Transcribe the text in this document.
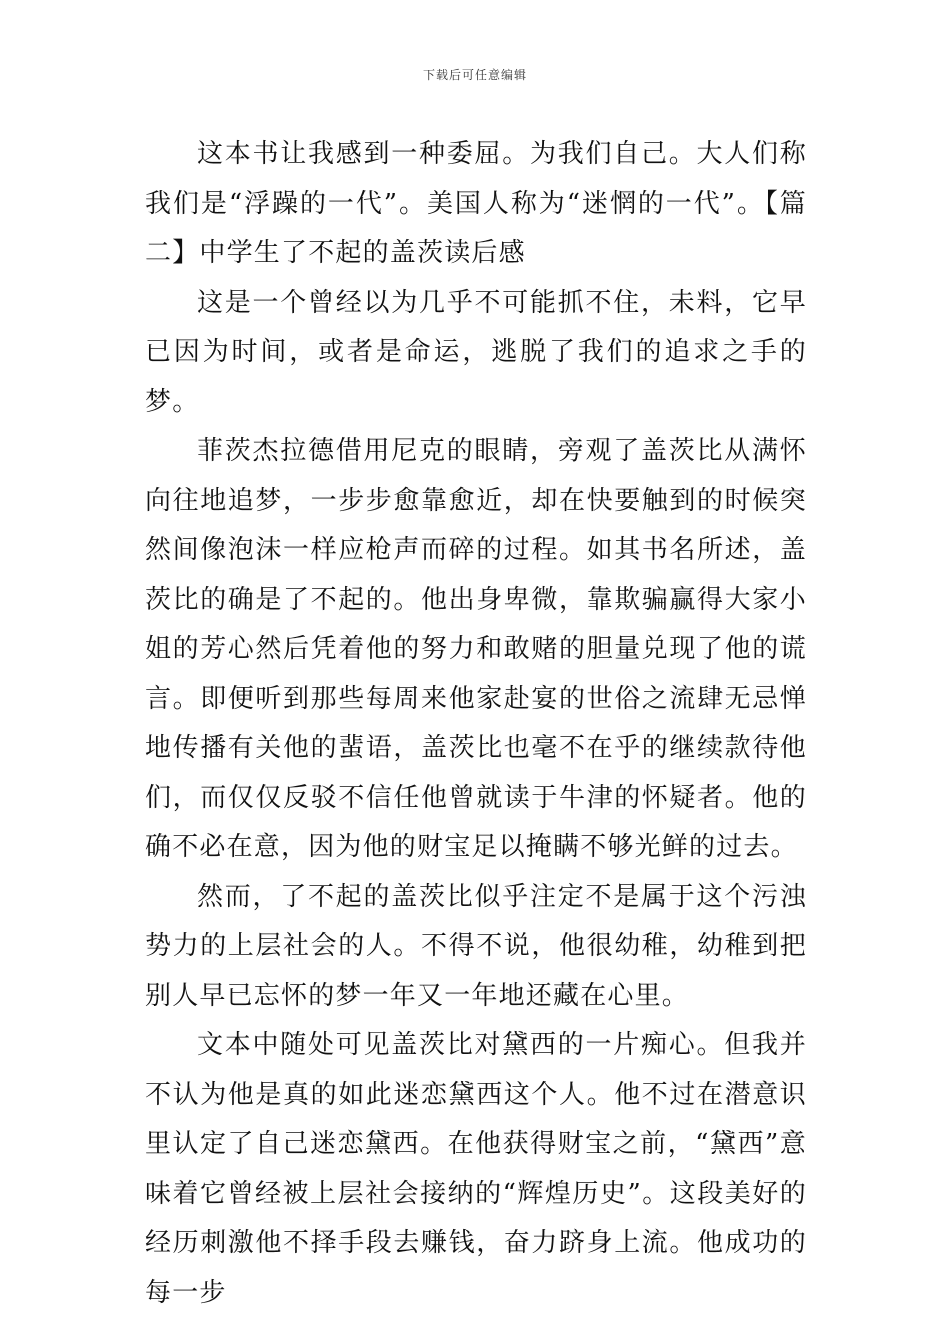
下载后可任意编辑

这本书让我感到一种委屈。为我们自己。大人们称我们是“浮躁的一代”。美国人称为“迷惘的一代”。【篇二】中学生了不起的盖茨读后感

这是一个曾经以为几乎不可能抓不住，未料，它早已因为时间，或者是命运，逃脱了我们的追求之手的梦。

菲茨杰拉德借用尼克的眼睛，旁观了盖茨比从满怀向往地追梦，一步步愈靠愈近，却在快要触到的时候突然间像泡沫一样应枪声而碎的过程。如其书名所述，盖茨比的确是了不起的。他出身卑微，靠欺骗赢得大家小姐的芳心然后凭着他的努力和敢赌的胆量兑现了他的谎言。即便听到那些每周来他家赴宴的世俗之流肆无忌惮地传播有关他的蜚语，盖茨比也毫不在乎的继续款待他们，而仅仅反驳不信任他曾就读于牛津的怀疑者。他的确不必在意，因为他的财宝足以掩瞒不够光鲜的过去。

然而，了不起的盖茨比似乎注定不是属于这个污浊势力的上层社会的人。不得不说，他很幼稚，幼稚到把别人早已忘怀的梦一年又一年地还藏在心里。

文本中随处可见盖茨比对黛西的一片痴心。但我并不认为他是真的如此迷恋黛西这个人。他不过在潜意识里认定了自己迷恋黛西。在他获得财宝之前，“黛西”意味着它曾经被上层社会接纳的“辉煌历史”。这段美好的经历刺激他不择手段去赚钱，奋力跻身上流。他成功的每一步
